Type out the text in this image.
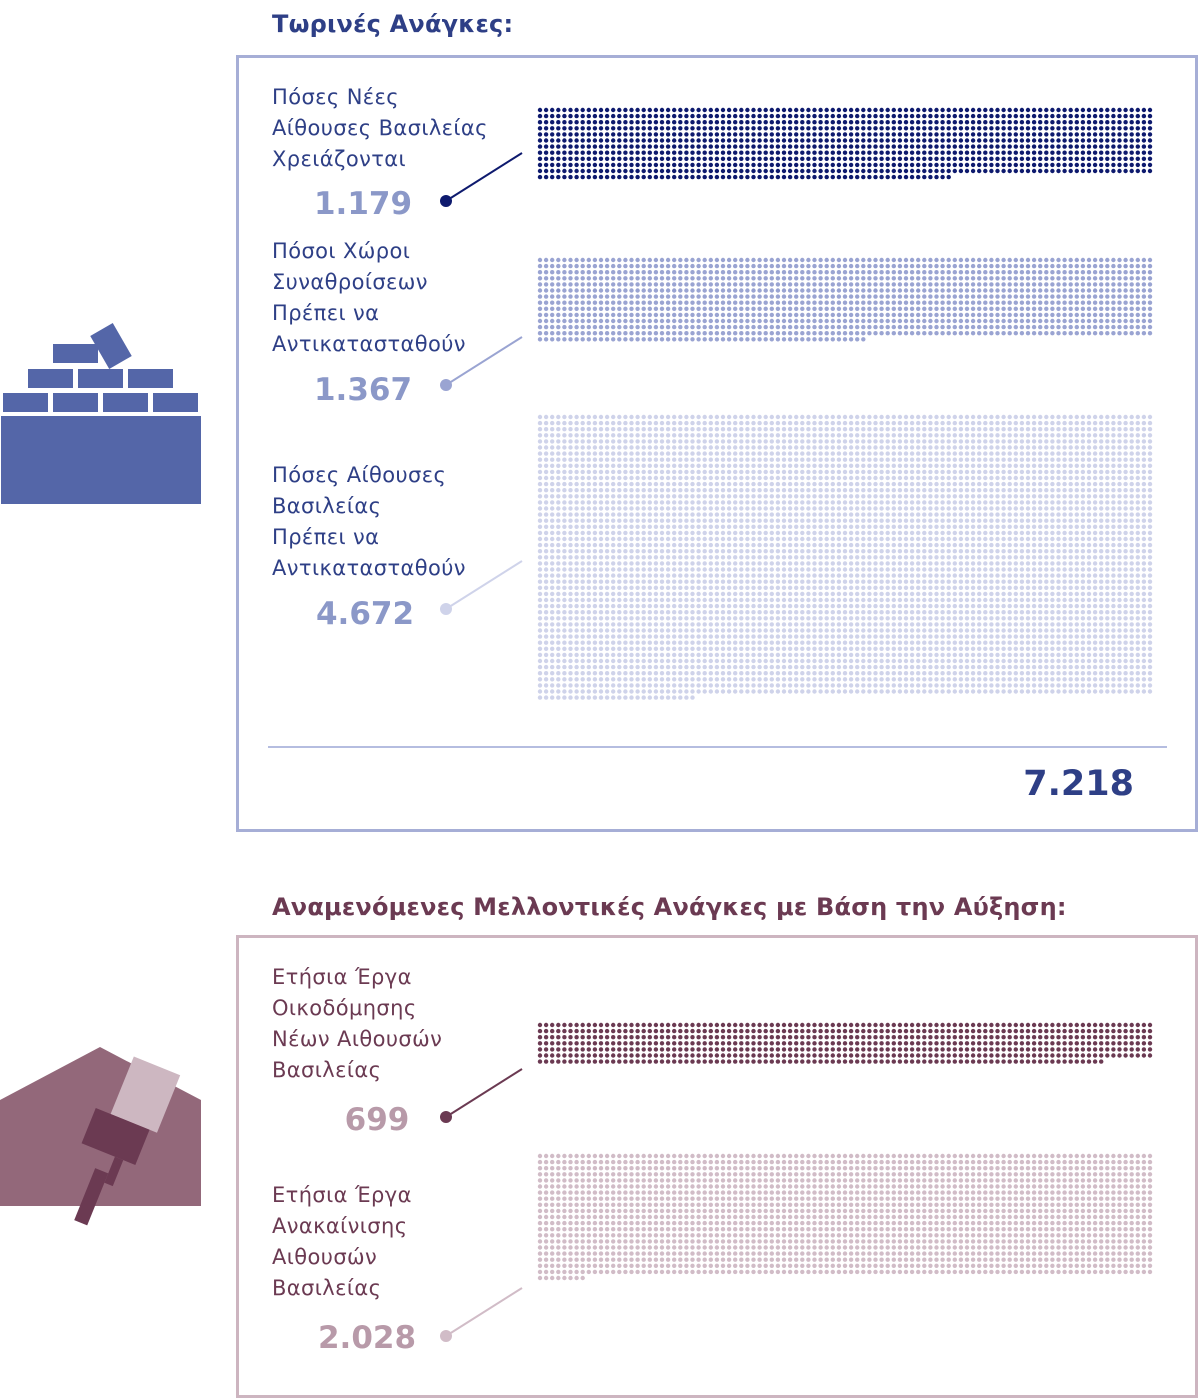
Τωρινές Ανάγκες:
Αναμενόμενες Μελλοντικές Ανάγκες με Βάση την Αύξηση:

Πόσες Νέες
Αίθουσες Βασιλείας
Χρειάζονται

1.179

Πόσοι Χώροι
Συναθροίσεων
Πρέπει να
Αντικατασταθούν

1.367

Πόσες Αίθουσες
Βασιλείας
Πρέπει να
Αντικατασταθούν

4.672
7.218

Ετήσια Έργα
Οικοδόμησης
Νέων Αιθουσών
Βασιλείας

699

Ετήσια Έργα
Ανακαίνισης
Αιθουσών
Βασιλείας

2.028
